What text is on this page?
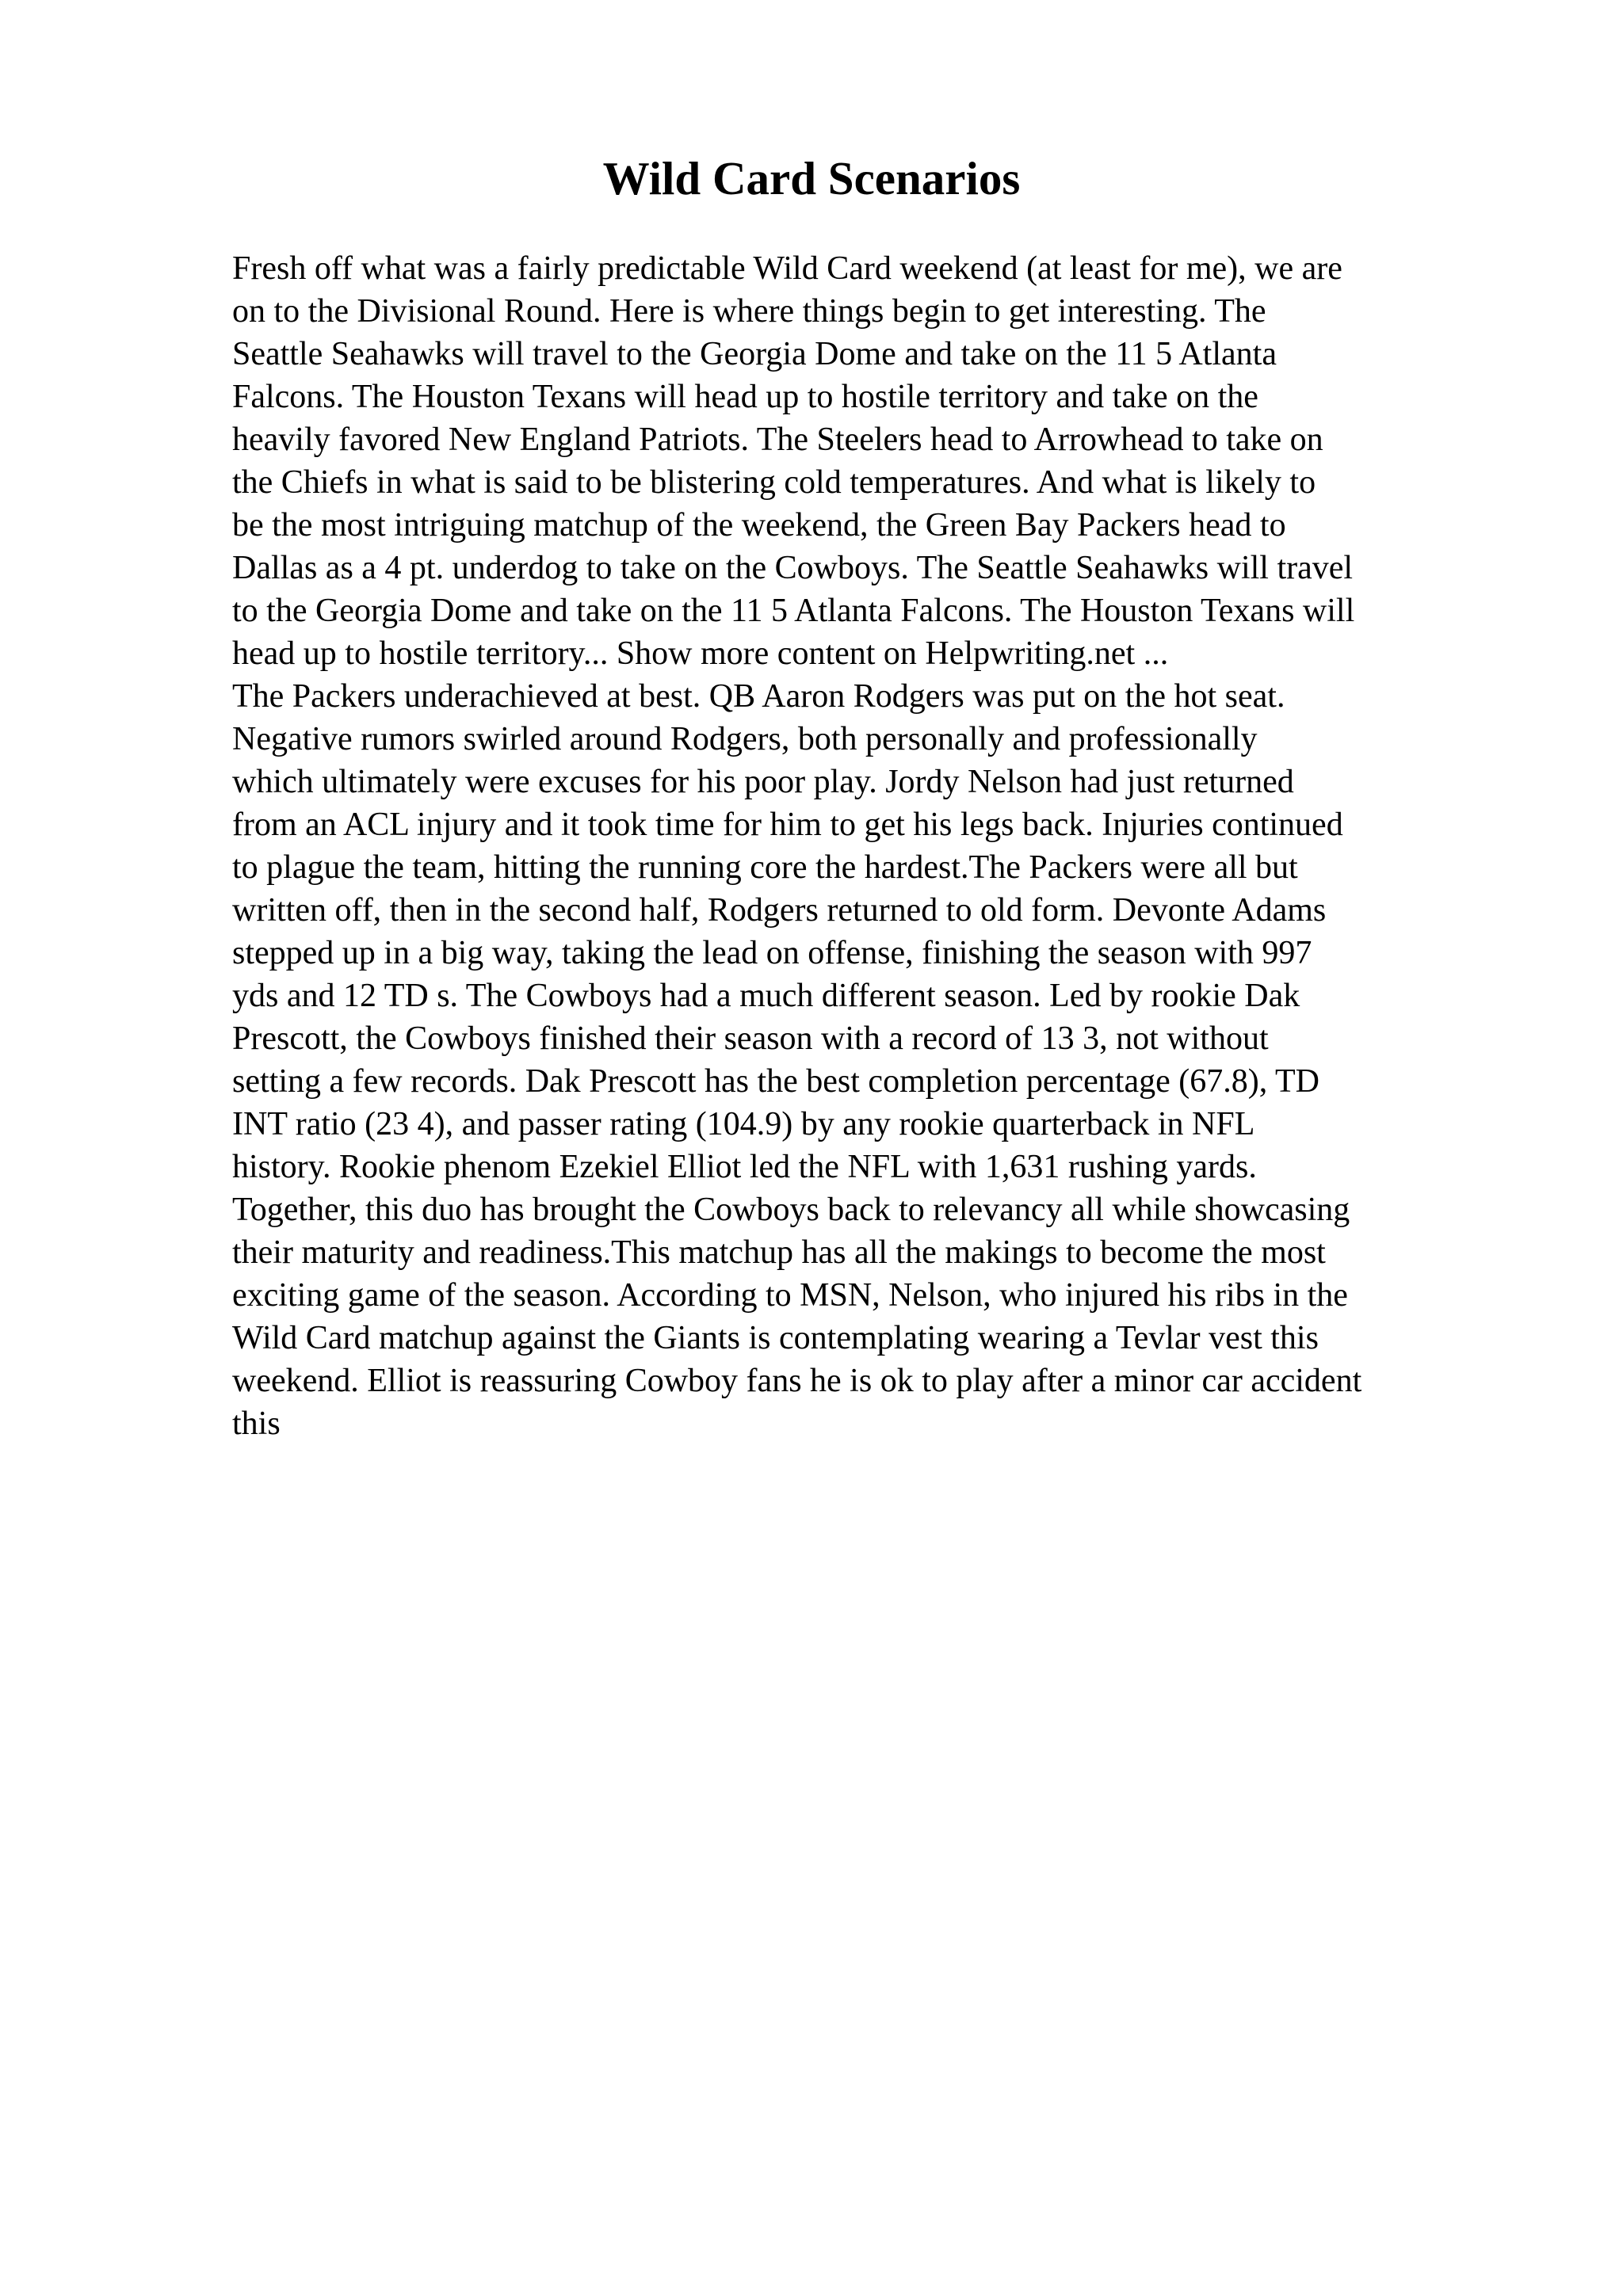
Wild Card Scenarios
Fresh off what was a fairly predictable Wild Card weekend (at least for me), we are
on to the Divisional Round. Here is where things begin to get interesting. The
Seattle Seahawks will travel to the Georgia Dome and take on the 11 5 Atlanta
Falcons. The Houston Texans will head up to hostile territory and take on the
heavily favored New England Patriots. The Steelers head to Arrowhead to take on
the Chiefs in what is said to be blistering cold temperatures. And what is likely to
be the most intriguing matchup of the weekend, the Green Bay Packers head to
Dallas as a 4 pt. underdog to take on the Cowboys. The Seattle Seahawks will travel
to the Georgia Dome and take on the 11 5 Atlanta Falcons. The Houston Texans will
head up to hostile territory... Show more content on Helpwriting.net ...
The Packers underachieved at best. QB Aaron Rodgers was put on the hot seat.
Negative rumors swirled around Rodgers, both personally and professionally
which ultimately were excuses for his poor play. Jordy Nelson had just returned
from an ACL injury and it took time for him to get his legs back. Injuries continued
to plague the team, hitting the running core the hardest.The Packers were all but
written off, then in the second half, Rodgers returned to old form. Devonte Adams
stepped up in a big way, taking the lead on offense, finishing the season with 997
yds and 12 TD s. The Cowboys had a much different season. Led by rookie Dak
Prescott, the Cowboys finished their season with a record of 13 3, not without
setting a few records. Dak Prescott has the best completion percentage (67.8), TD
INT ratio (23 4), and passer rating (104.9) by any rookie quarterback in NFL
history. Rookie phenom Ezekiel Elliot led the NFL with 1,631 rushing yards.
Together, this duo has brought the Cowboys back to relevancy all while showcasing
their maturity and readiness.This matchup has all the makings to become the most
exciting game of the season. According to MSN, Nelson, who injured his ribs in the
Wild Card matchup against the Giants is contemplating wearing a Tevlar vest this
weekend. Elliot is reassuring Cowboy fans he is ok to play after a minor car accident
this
